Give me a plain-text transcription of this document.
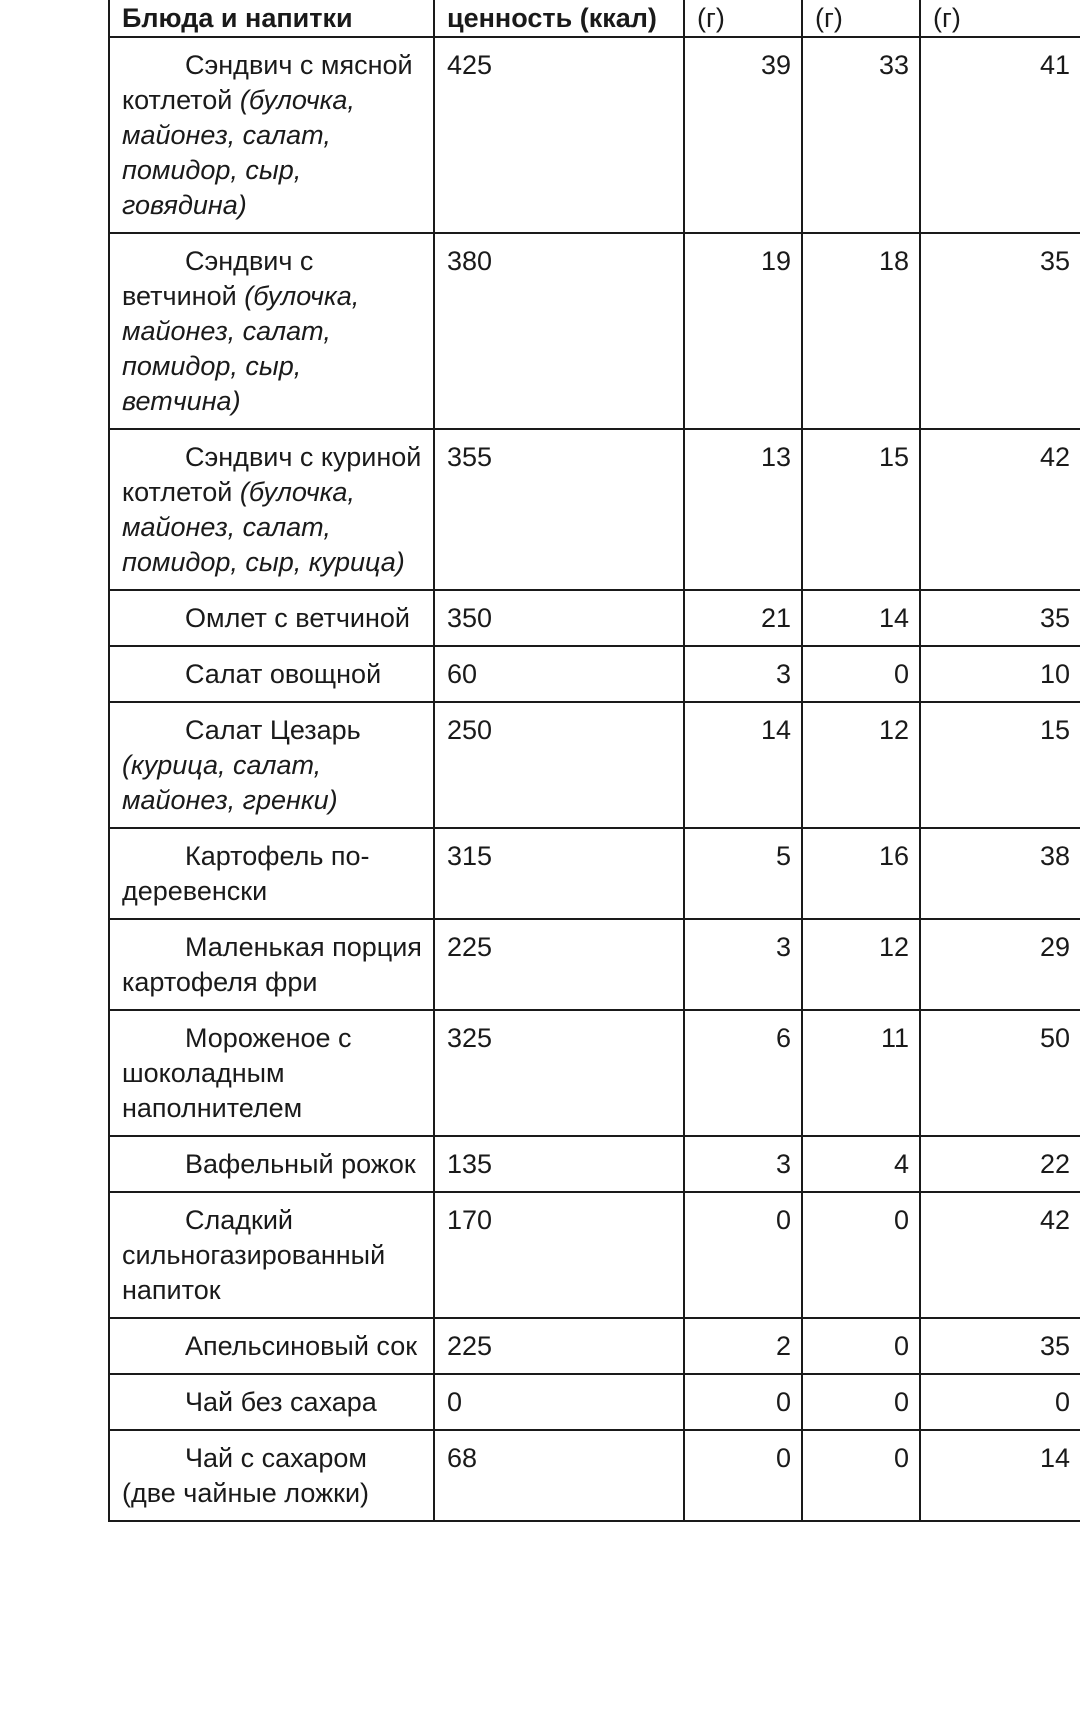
Блюда и напитки	ценность (ккал)	(г)	(г)	(г)

Сэндвич с мясной котлетой (булочка, майонез, салат, помидор, сыр, говядина)	425	39	33	41

Сэндвич с ветчиной (булочка, майонез, салат, помидор, сыр, ветчина)	380	19	18	35

Сэндвич с куриной котлетой (булочка, майонез, салат, помидор, сыр, курица)	355	13	15	42

Омлет с ветчиной	350	21	14	35

Салат овощной	60	3	0	10

Салат Цезарь (курица, салат, майонез, гренки)	250	14	12	15

Картофель по-деревенски	315	5	16	38

Маленькая порция картофеля фри	225	3	12	29

Мороженое с шоколадным наполнителем	325	6	11	50

Вафельный рожок	135	3	4	22

Сладкий сильногазированный напиток	170	0	0	42

Апельсиновый сок	225	2	0	35

Чай без сахара	0	0	0	0

Чай с сахаром (две чайные ложки)	68	0	0	14
